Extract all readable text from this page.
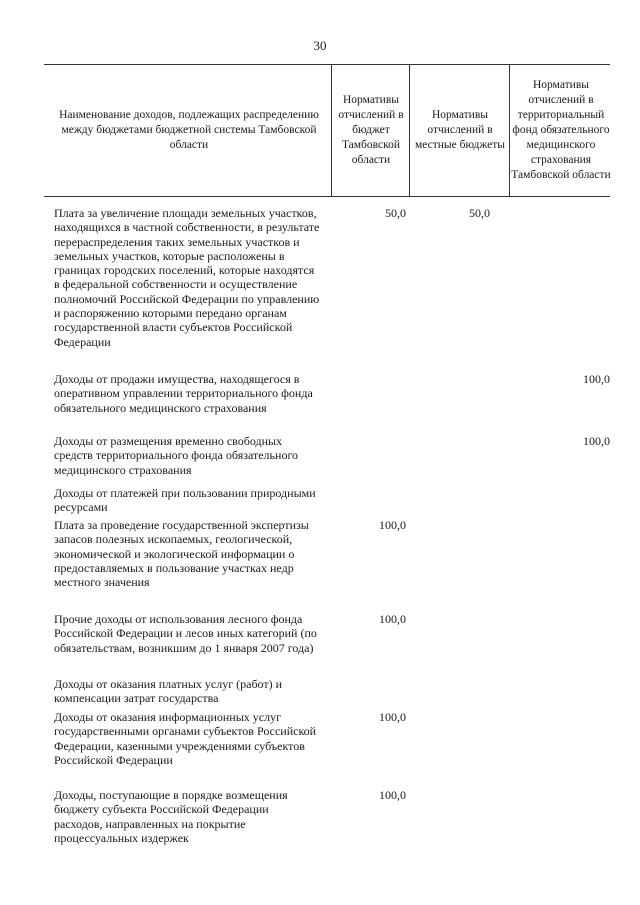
30
Наименование доходов, подлежащих распределению между бюджетами бюджетной системы Тамбовской области
Нормативы отчислений в бюджет Тамбовской области
Нормативы отчислений в местные бюджеты
Нормативы отчислений в территориальный фонд обязательного медицинского страхования Тамбовской области
Плата за увеличение площади земельных участков, находящихся в частной собственности, в результате перераспределения таких земельных участков и земельных участков, которые расположены в границах городских поселений, которые находятся в федеральной собственности и осуществление полномочий Российской Федерации по управлению и распоряжению которыми передано органам государственной власти субъектов Российской Федерации
50,0	50,0
Доходы от продажи имущества, находящегося в оперативном управлении территориального фонда обязательного медицинского страхования
100,0
Доходы от размещения временно свободных средств территориального фонда обязательного медицинского страхования
100,0
Доходы от платежей при пользовании природными ресурсами
Плата за проведение государственной экспертизы запасов полезных ископаемых, геологической, экономической и экологической информации о предоставляемых в пользование участках недр местного значения
100,0
Прочие доходы от использования лесного фонда Российской Федерации и лесов иных категорий (по обязательствам, возникшим до 1 января 2007 года)
100,0
Доходы от оказания платных услуг (работ) и компенсации затрат государства
Доходы от оказания информационных услуг государственными органами субъектов Российской Федерации, казенными учреждениями субъектов Российской Федерации
100,0
Доходы, поступающие в порядке возмещения бюджету субъекта Российской Федерации расходов, направленных на покрытие процессуальных издержек
100,0
